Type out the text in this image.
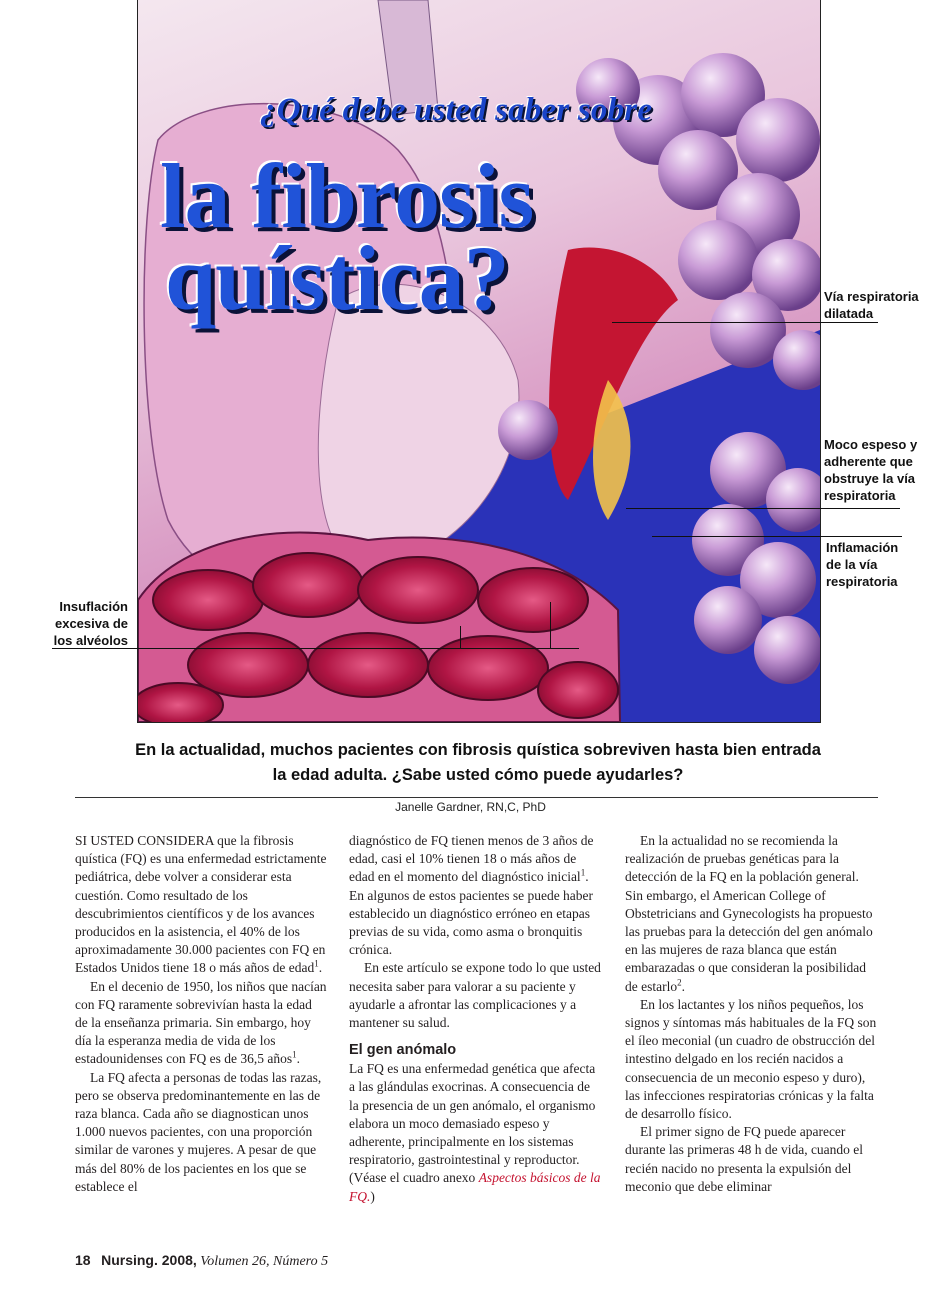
¿Qué debe usted saber sobre
la fibrosis
quística?	Vía respiratoria
dilatada
Moco espeso y
adherente que
obstruye la vía
respiratoria
Inflamación
de la vía
respiratoria
Insuflación
excesiva de
los alvéolos
En la actualidad, muchos pacientes con fibrosis quística sobreviven hasta bien entrada
la edad adulta. ¿Sabe usted cómo puede ayudarles?
Janelle Gardner, RN,C, PhD

SI USTED CONSIDERA que la fibrosis quística (FQ) es una enfermedad estrictamente pediátrica, debe volver a considerar esta cuestión. Como resultado de los descubrimientos científicos y de los avances producidos en la asistencia, el 40% de los aproximadamente 30.000 pacientes con FQ en Estados Unidos tiene 18 o más años de edad$^1$.

En el decenio de 1950, los niños que nacían con FQ raramente sobrevivían hasta la edad de la enseñanza primaria. Sin embargo, hoy día la esperanza media de vida de los estadounidenses con FQ es de 36,5 años$^1$.

La FQ afecta a personas de todas las razas, pero se observa predominantemente en las de raza blanca. Cada año se diagnostican unos 1.000 nuevos pacientes, con una proporción similar de varones y mujeres. A pesar de que más del 80% de los pacientes en los que se establece el

diagnóstico de FQ tienen menos de 3 años de edad, casi el 10% tienen 18 o más años de edad en el momento del diagnóstico inicial$^1$. En algunos de estos pacientes se puede haber establecido un diagnóstico erróneo en etapas previas de su vida, como asma o bronquitis crónica.

En este artículo se expone todo lo que usted necesita saber para valorar a su paciente y ayudarle a afrontar las complicaciones y a mantener su salud.

El gen anómalo

La FQ es una enfermedad genética que afecta a las glándulas exocrinas. A consecuencia de la presencia de un gen anómalo, el organismo elabora un moco demasiado espeso y adherente, principalmente en los sistemas respiratorio, gastrointestinal y reproductor. (Véase el cuadro anexo Aspectos básicos de la FQ.)

En la actualidad no se recomienda la realización de pruebas genéticas para la detección de la FQ en la población general. Sin embargo, el American College of Obstetricians and Gynecologists ha propuesto las pruebas para la detección del gen anómalo en las mujeres de raza blanca que están embarazadas o que consideran la posibilidad de estarlo$^2$.

En los lactantes y los niños pequeños, los signos y síntomas más habituales de la FQ son el íleo meconial (un cuadro de obstrucción del intestino delgado en los recién nacidos a consecuencia de un meconio espeso y duro), las infecciones respiratorias crónicas y la falta de desarrollo físico.

El primer signo de FQ puede aparecer durante las primeras 48 h de vida, cuando el recién nacido no presenta la expulsión del meconio que debe eliminar

18 Nursing. 2008, Volumen 26, Número 5
